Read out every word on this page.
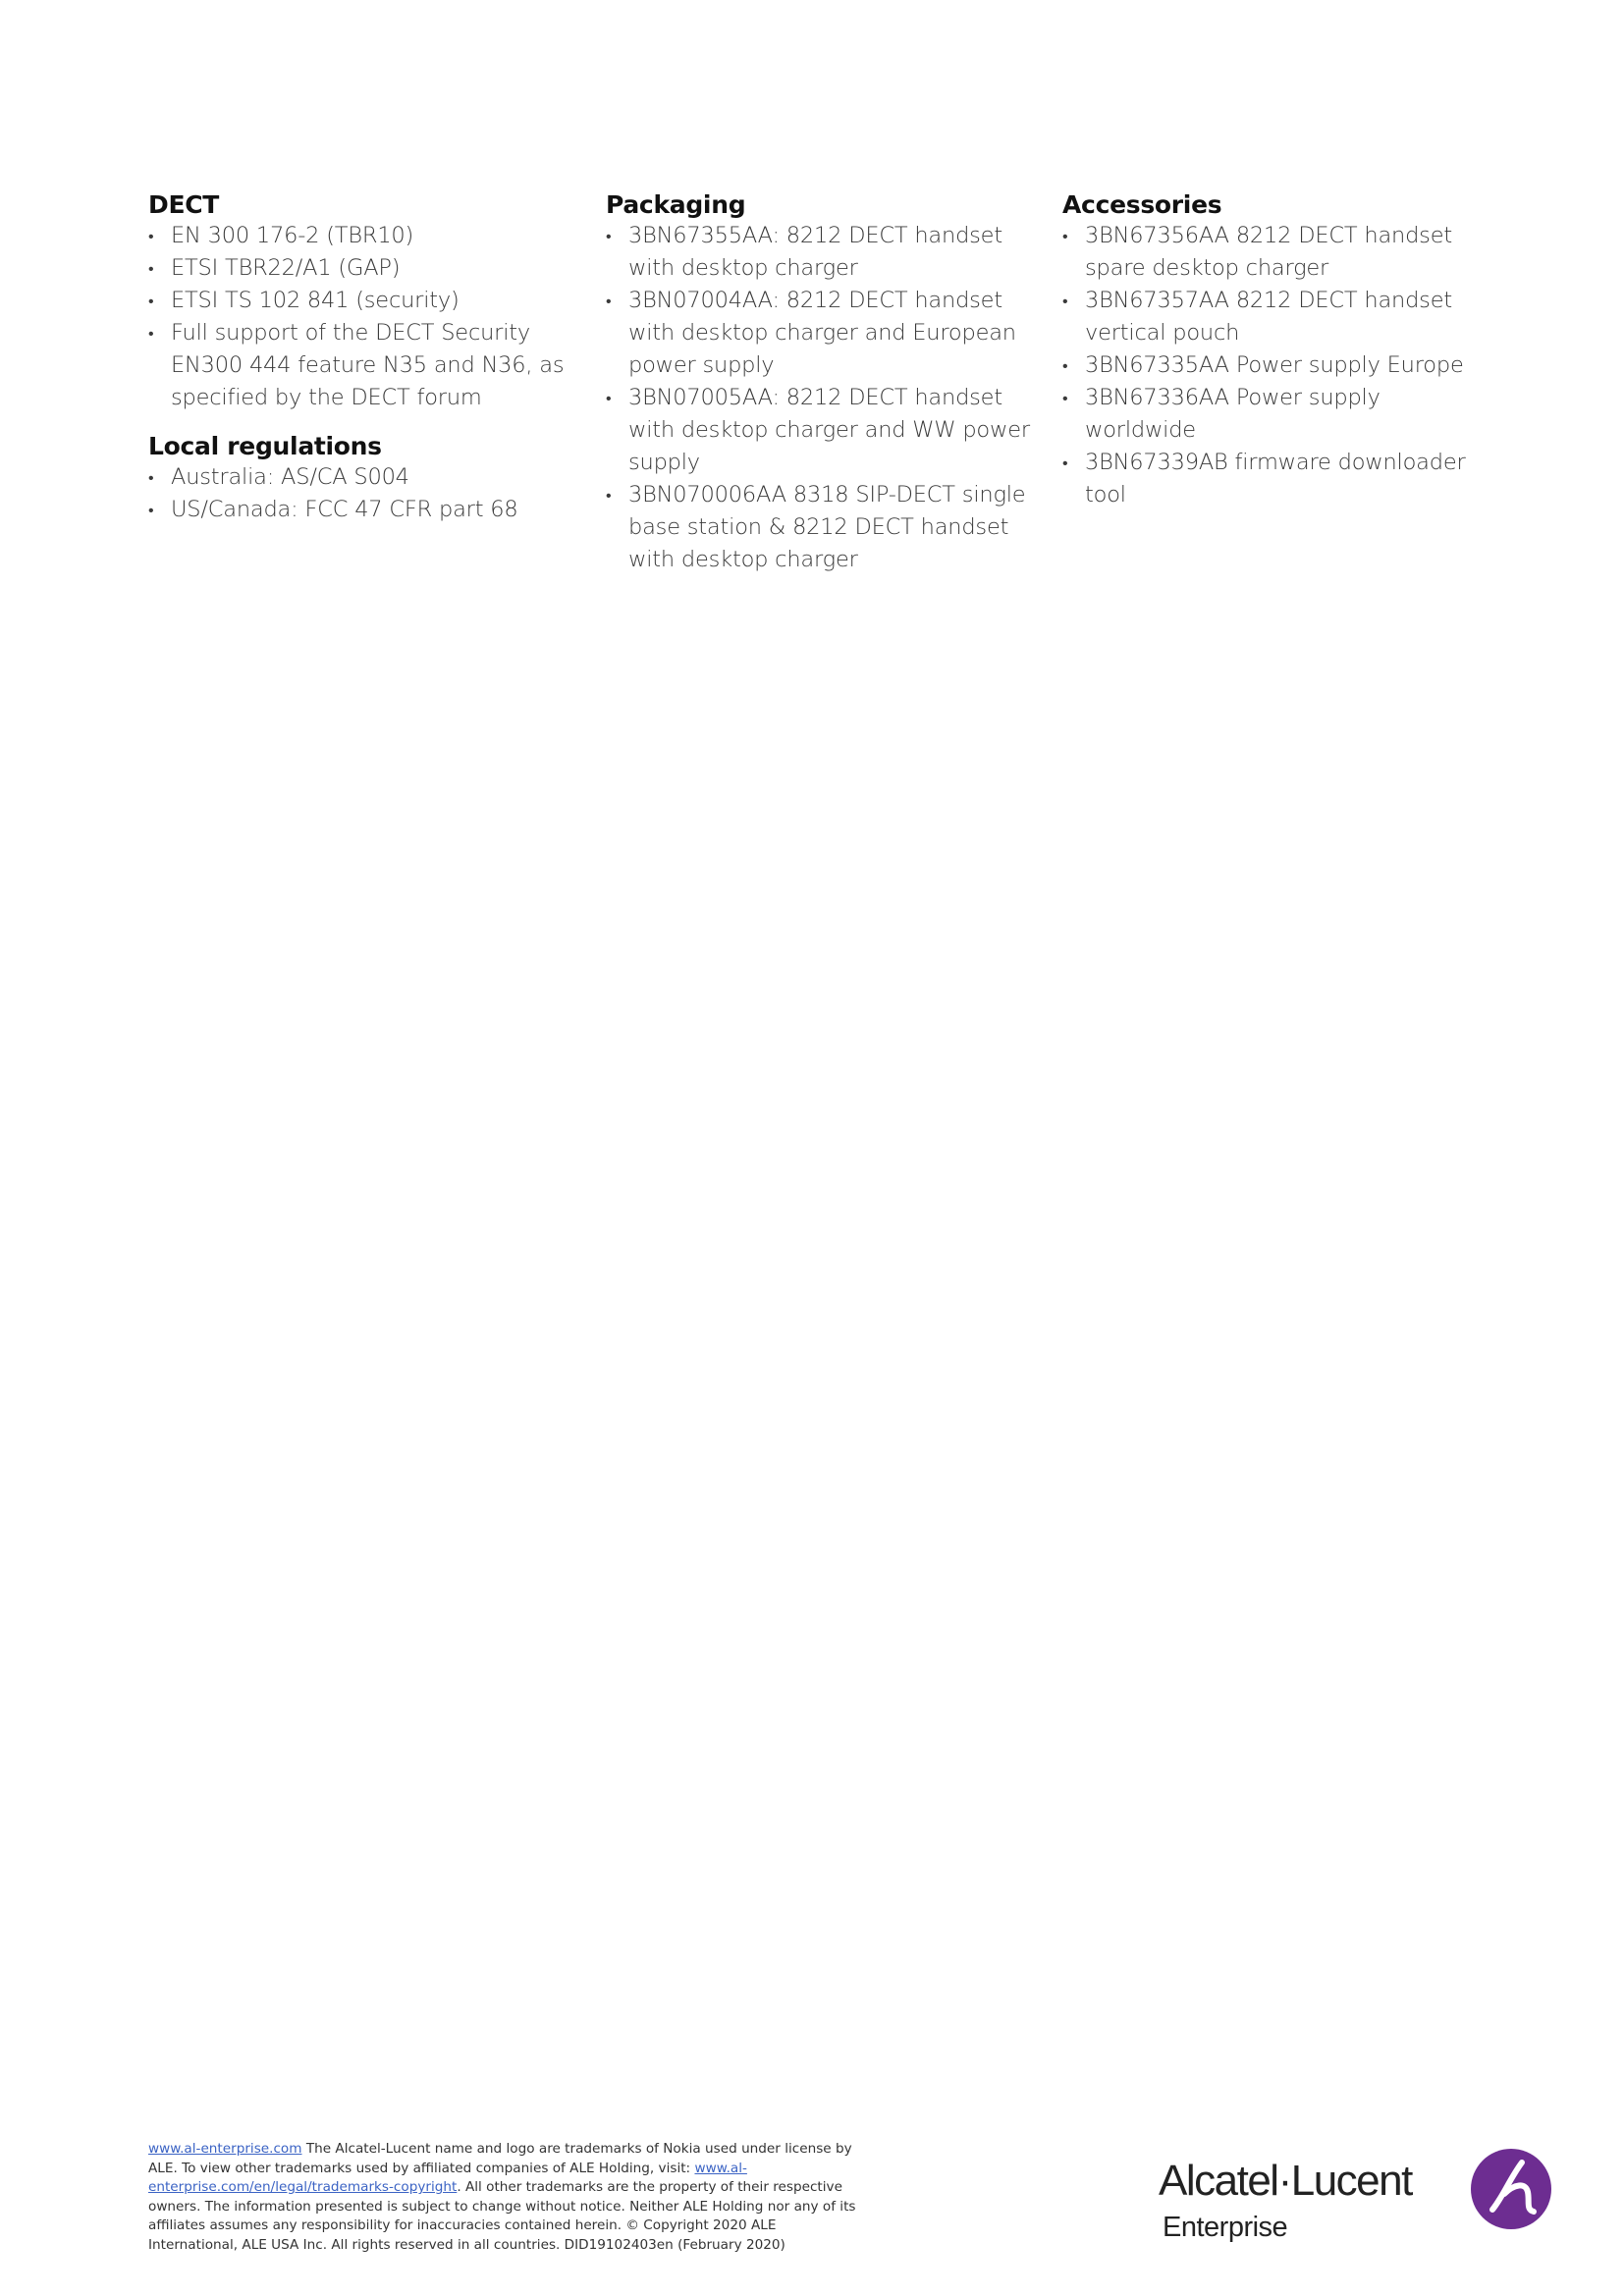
DECT
• EN 300 176-2 (TBR10)
• ETSI TBR22/A1 (GAP)
• ETSI TS 102 841 (security)
• Full support of the DECT Security EN300 444 feature N35 and N36, as specified by the DECT forum
Local regulations
• Australia: AS/CA S004
• US/Canada: FCC 47 CFR part 68
Packaging
• 3BN67355AA: 8212 DECT handset with desktop charger
• 3BN07004AA: 8212 DECT handset with desktop charger and European power supply
• 3BN07005AA: 8212 DECT handset with desktop charger and WW power supply
• 3BN070006AA 8318 SIP-DECT single base station & 8212 DECT handset with desktop charger
Accessories
• 3BN67356AA 8212 DECT handset spare desktop charger
• 3BN67357AA 8212 DECT handset vertical pouch
• 3BN67335AA Power supply Europe
• 3BN67336AA Power supply worldwide
• 3BN67339AB firmware downloader tool
www.al-enterprise.com The Alcatel-Lucent name and logo are trademarks of Nokia used under license by ALE. To view other trademarks used by affiliated companies of ALE Holding, visit: www.al-enterprise.com/en/legal/trademarks-copyright. All other trademarks are the property of their respective owners. The information presented is subject to change without notice. Neither ALE Holding nor any of its affiliates assumes any responsibility for inaccuracies contained herein. © Copyright 2020 ALE International, ALE USA Inc. All rights reserved in all countries. DID19102403en (February 2020)
Alcatel·Lucent
Enterprise
